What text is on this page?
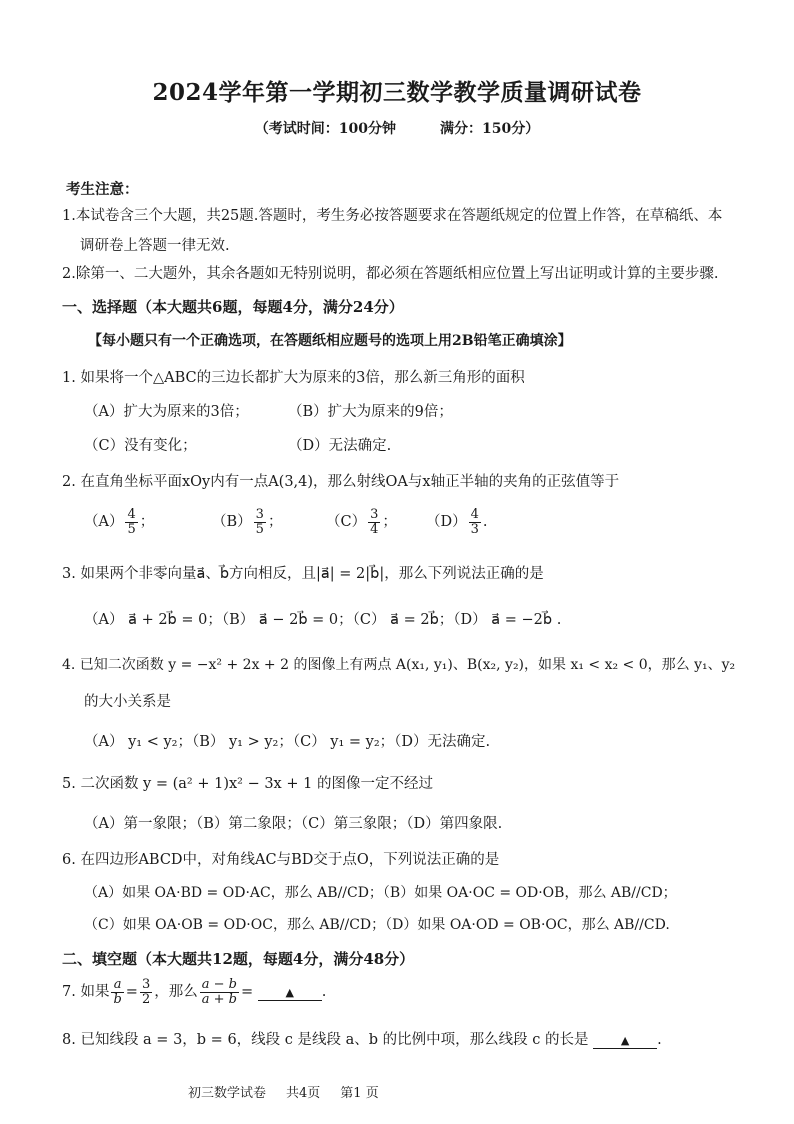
2024学年第一学期初三数学教学质量调研试卷
（考试时间：100分钟	满分：150分）
考生注意：
1.本试卷含三个大题，共25题.答题时，考生务必按答题要求在答题纸规定的位置上作答，在草稿纸、本
调研卷上答题一律无效.
2.除第一、二大题外，其余各题如无特别说明，都必须在答题纸相应位置上写出证明或计算的主要步骤.
一、选择题（本大题共6题，每题4分，满分24分）
【每小题只有一个正确选项，在答题纸相应题号的选项上用2B铅笔正确填涂】
1. 如果将一个△ABC的三边长都扩大为原来的3倍，那么新三角形的面积
（A）扩大为原来的3倍；	（B）扩大为原来的9倍；
（C）没有变化；	（D）无法确定.
2. 在直角坐标平面xOy内有一点A(3,4)，那么射线OA与x轴正半轴的夹角的正弦值等于
$(A) \frac{4}{5}$ ；	$(B) \frac{3}{5}$ ；	$(C) \frac{3}{4}$ ； $(D) \frac{4}{3}$ .
3. 如果两个非零向量a⃗、b⃗方向相反，且|a⃗| = 2|b⃗|，那么下列说法正确的是
（A） a⃗ + 2b⃗ = 0；（B） a⃗ − 2b⃗ = 0；（C） a⃗ = 2b⃗；（D） a⃗ = −2b⃗ .
4. 已知二次函数 y = −x² + 2x + 2 的图像上有两点 A(x₁, y₁)、B(x₂, y₂)，如果 x₁ < x₂ < 0，那么 y₁、y₂
的大小关系是
（A） y₁ < y₂；（B） y₁ > y₂；（C） y₁ = y₂；（D）无法确定.
5. 二次函数 y = (a² + 1)x² − 3x + 1 的图像一定不经过
（A）第一象限；（B）第二象限；（C）第三象限；（D）第四象限.
6. 在四边形ABCD中，对角线AC与BD交于点O，下列说法正确的是
（A）如果 OA·BD = OD·AC，那么 AB//CD；（B）如果 OA·OC = OD·OB，那么 AB//CD；
（C）如果 OA·OB = OD·OC，那么 AB//CD；（D）如果 OA·OD = OB·OC，那么 AB//CD.
二、填空题（本大题共12题，每题4分，满分48分）
7. 如果 $\frac{a}{b} = \frac{3}{2}$ ，那么 $\frac{a - b}{a + b}$ =	▲ .
8. 已知线段 a = 3，b = 6，线段 c 是线段 a、b 的比例中项，那么线段 c 的长是	▲ .
初三数学试卷 共4页 第1 页
